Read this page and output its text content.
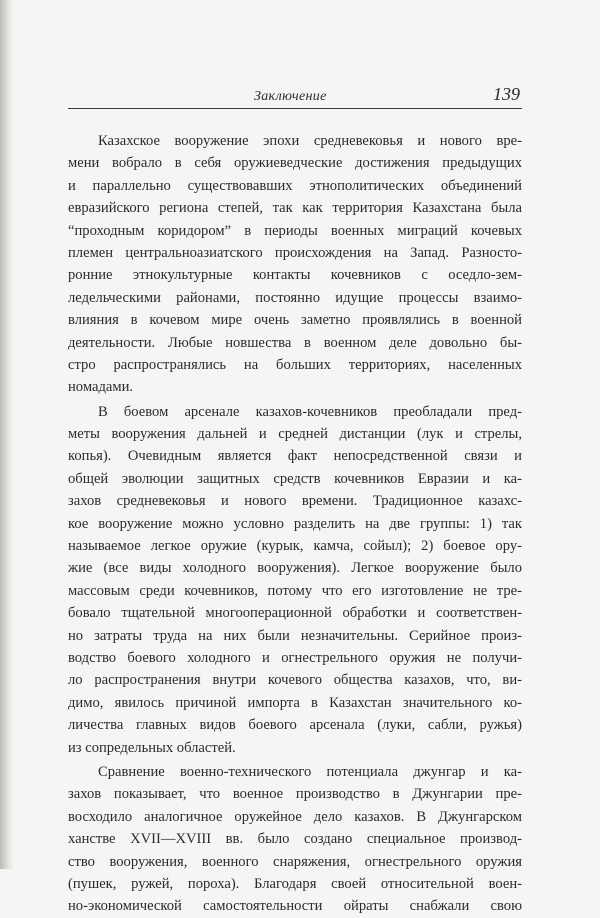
Заключение	139
Казахское вооружение эпохи средневековья и нового вре-
мени вобрало в себя оружиеведческие достижения предыдущих
и параллельно существовавших этнополитических объединений
евразийского региона степей, так как территория Казахстана была
“проходным коридором” в периоды военных миграций кочевых
племен центральноазиатского происхождения на Запад. Разносто-
ронние этнокультурные контакты кочевников с оседло-зем-
ледельческими районами, постоянно идущие процессы взаимо-
влияния в кочевом мире очень заметно проявлялись в военной
деятельности. Любые новшества в военном деле довольно бы-
стро распространялись на больших территориях, населенных
номадами.
В боевом арсенале казахов-кочевников преобладали пред-
меты вооружения дальней и средней дистанции (лук и стрелы,
копья). Очевидным является факт непосредственной связи и
общей эволюции защитных средств кочевников Евразии и ка-
захов средневековья и нового времени. Традиционное казахс-
кое вооружение можно условно разделить на две группы: 1) так
называемое легкое оружие (курык, камча, сойыл); 2) боевое ору-
жие (все виды холодного вооружения). Легкое вооружение было
массовым среди кочевников, потому что его изготовление не тре-
бовало тщательной многооперационной обработки и соответствен-
но затраты труда на них были незначительны. Серийное произ-
водство боевого холодного и огнестрельного оружия не получи-
ло распространения внутри кочевого общества казахов, что, ви-
димо, явилось причиной импорта в Казахстан значительного ко-
личества главных видов боевого арсенала (луки, сабли, ружья)
из сопредельных областей.
Сравнение военно-технического потенциала джунгар и ка-
захов показывает, что военное производство в Джунгарии пре-
восходило аналогичное оружейное дело казахов. В Джунгарском
ханстве XVII—XVIII вв. было создано специальное производ-
ство вооружения, военного снаряжения, огнестрельного оружия
(пушек, ружей, пороха). Благодаря своей относительной воен-
но-экономической самостоятельности ойраты снабжали свою
